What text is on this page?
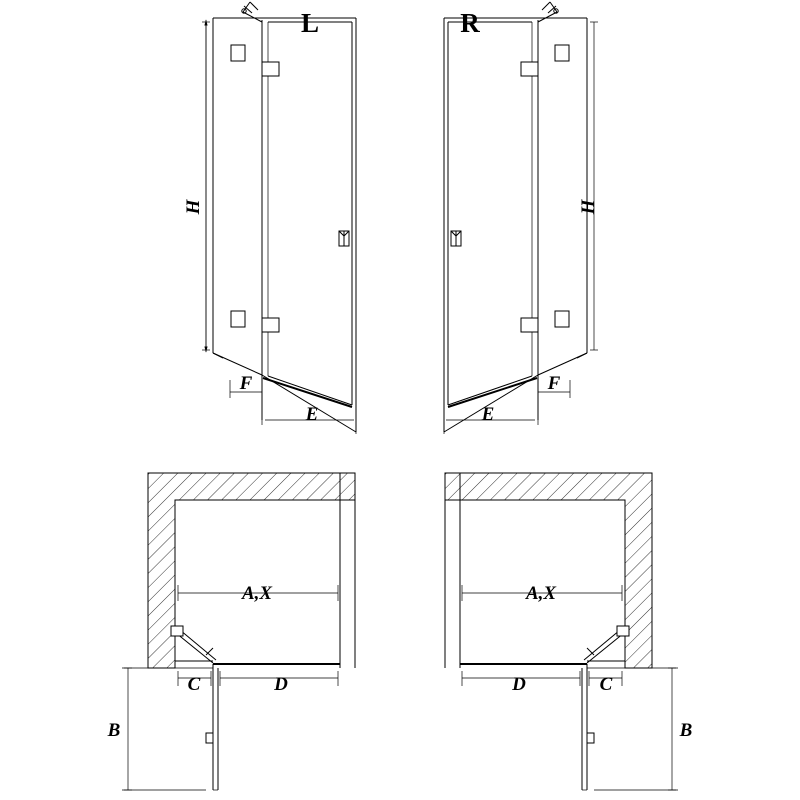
L	R
H	H
F
E
F
E
A,X	A,X
C	D	C
D
B	B
